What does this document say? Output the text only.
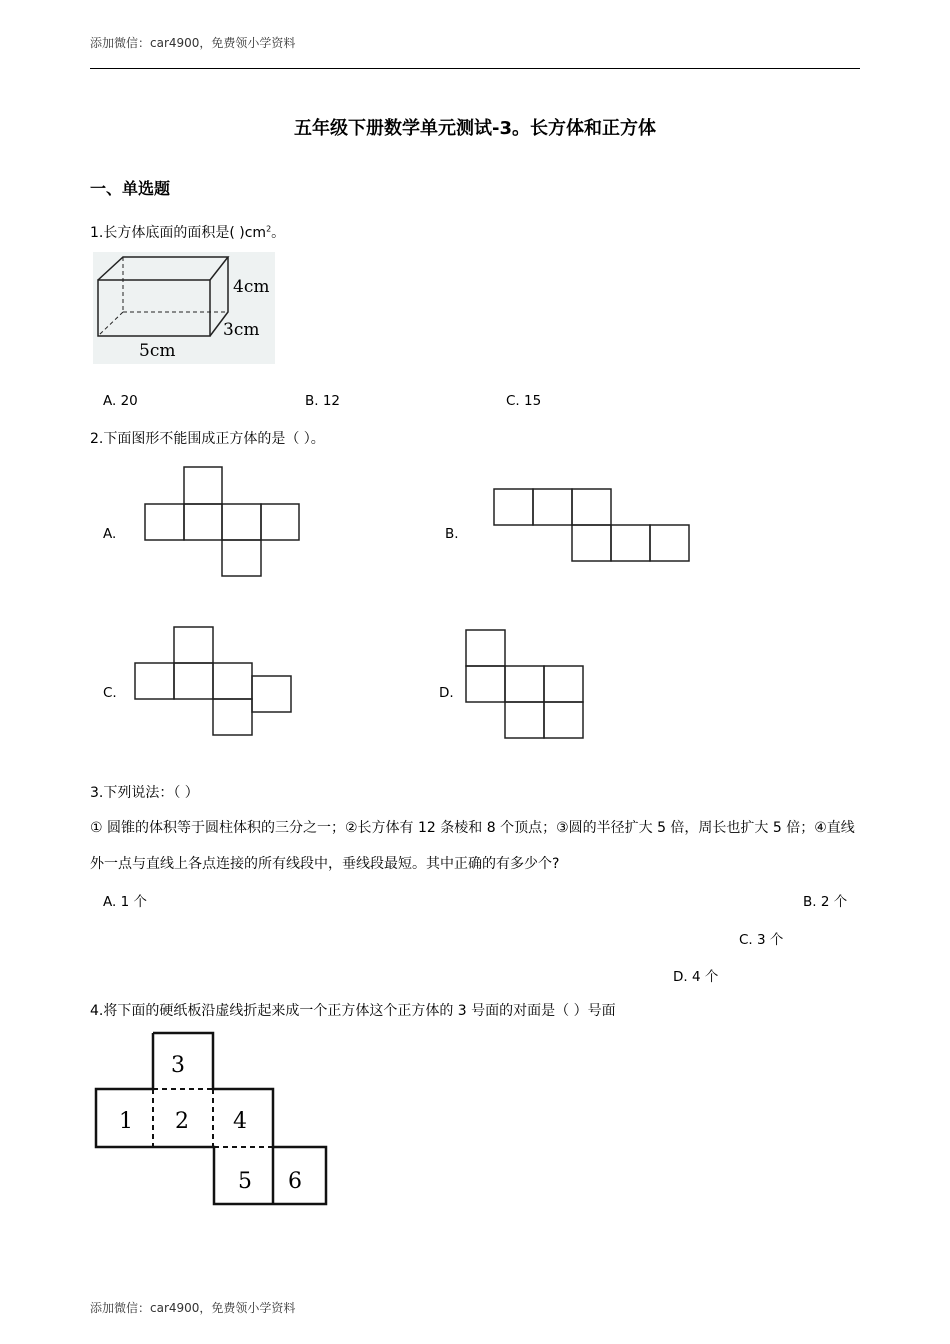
添加微信：car4900，免费领小学资料
五年级下册数学单元测试-3。长方体和正方体
一、单选题
1.长方体底面的面积是( )$cm^2$。
4cm
3cm
5cm
A. 20	B. 12	C. 15
2.下面图形不能围成正方体的是（ ）。
A.	B.
C.	D.
3.下列说法：（ ）
① 圆锥的体积等于圆柱体积的三分之一；②长方体有 12 条棱和 8 个顶点；③圆的半径扩大 5 倍，周长也扩大 5 倍；④直线外一点与直线上各点连接的所有线段中，垂线段最短。其中正确的有多少个?
A. 1 个	B. 2 个
C. 3 个
D. 4 个
4.将下面的硬纸板沿虚线折起来成一个正方体这个正方体的 3 号面的对面是（ ）号面
3
1 2 4
5 6
添加微信：car4900，免费领小学资料
